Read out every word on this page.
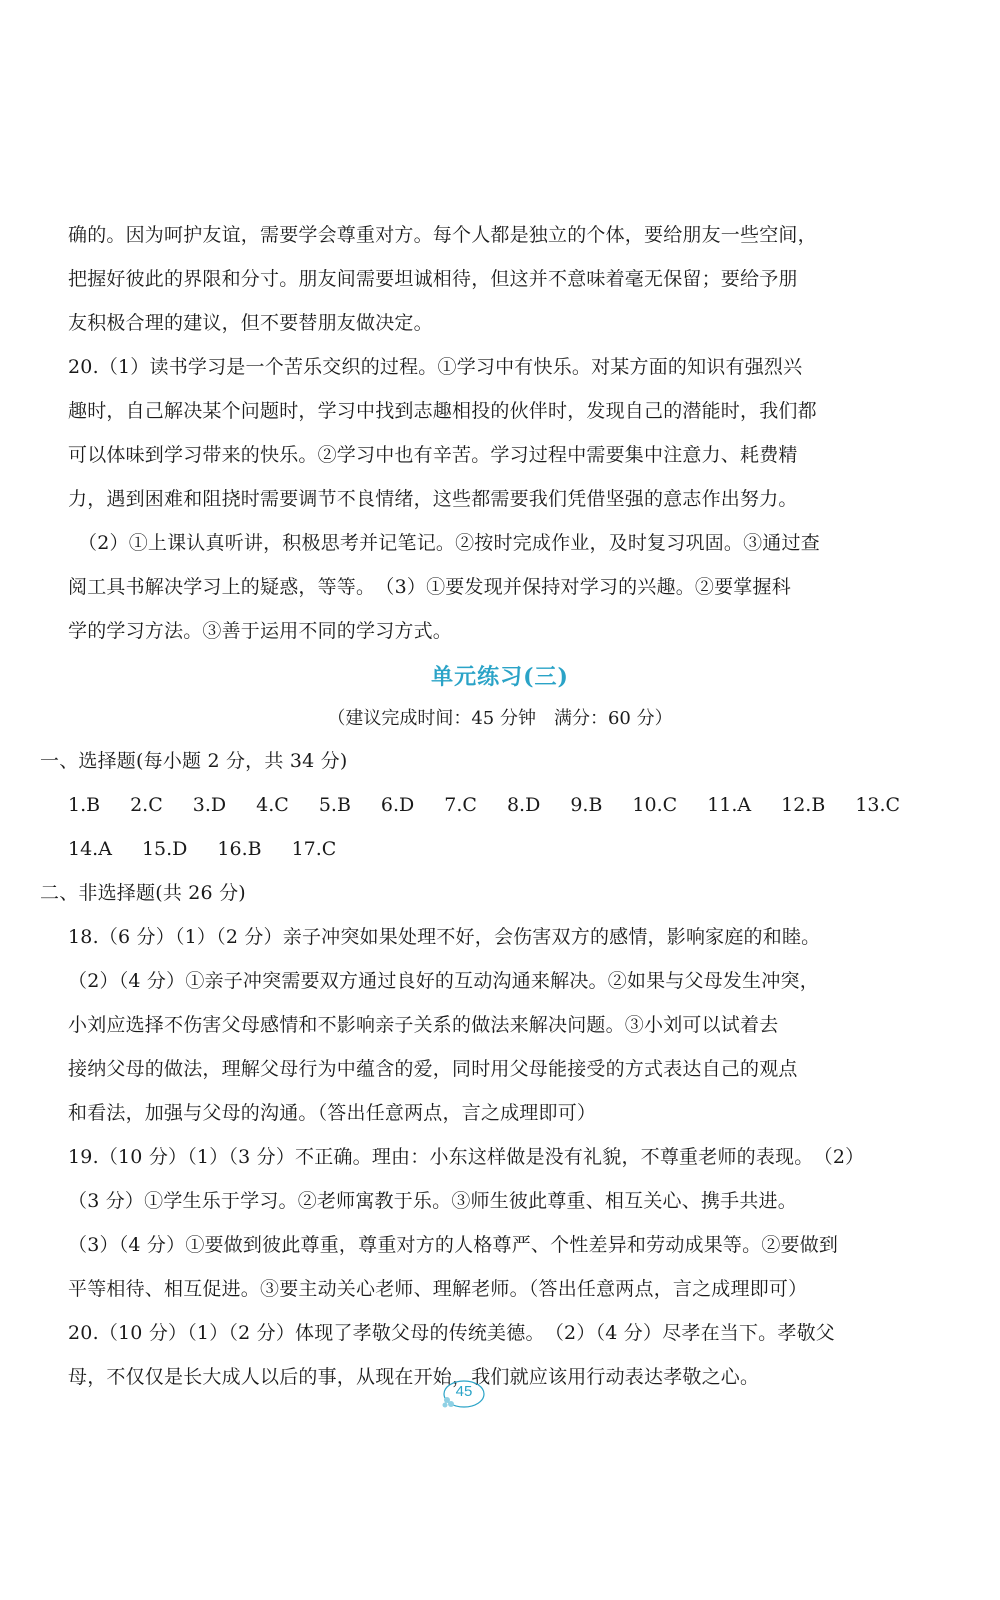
确的。因为呵护友谊，需要学会尊重对方。每个人都是独立的个体，要给朋友一些空间，
把握好彼此的界限和分寸。朋友间需要坦诚相待，但这并不意味着毫无保留；要给予朋
友积极合理的建议，但不要替朋友做决定。
20.（1）读书学习是一个苦乐交织的过程。①学习中有快乐。对某方面的知识有强烈兴
趣时，自己解决某个问题时，学习中找到志趣相投的伙伴时，发现自己的潜能时，我们都
可以体味到学习带来的快乐。②学习中也有辛苦。学习过程中需要集中注意力、耗费精
力，遇到困难和阻挠时需要调节不良情绪，这些都需要我们凭借坚强的意志作出努力。
（2）①上课认真听讲，积极思考并记笔记。②按时完成作业，及时复习巩固。③通过查
阅工具书解决学习上的疑惑，等等。　（3）①要发现并保持对学习的兴趣。②要掌握科
学的学习方法。③善于运用不同的学习方式。
单元练习(三)
（建议完成时间：45 分钟　满分：60 分）
一、选择题(每小题 2 分，共 34 分)
1.B 2.C 3.D 4.C 5.B 6.D 7.C 8.D 9.B 10.C 11.A 12.B 13.C
14.A 15.D 16.B 17.C
二、非选择题(共 26 分)
18.（6 分）（1）（2 分）亲子冲突如果处理不好，会伤害双方的感情，影响家庭的和睦。
（2）（4 分）①亲子冲突需要双方通过良好的互动沟通来解决。②如果与父母发生冲突，
小刘应选择不伤害父母感情和不影响亲子关系的做法来解决问题。③小刘可以试着去
接纳父母的做法，理解父母行为中蕴含的爱，同时用父母能接受的方式表达自己的观点
和看法，加强与父母的沟通。（答出任意两点，言之成理即可）
19.（10 分）（1）（3 分）不正确。理由：小东这样做是没有礼貌，不尊重老师的表现。　（2）
（3 分）①学生乐于学习。②老师寓教于乐。③师生彼此尊重、相互关心、携手共进。
（3）（4 分）①要做到彼此尊重，尊重对方的人格尊严、个性差异和劳动成果等。②要做到
平等相待、相互促进。③要主动关心老师、理解老师。（答出任意两点，言之成理即可）
20.（10 分）（1）（2 分）体现了孝敬父母的传统美德。　（2）（4 分）尽孝在当下。孝敬父
母，不仅仅是长大成人以后的事，从现在开始，我们就应该用行动表达孝敬之心。
45
